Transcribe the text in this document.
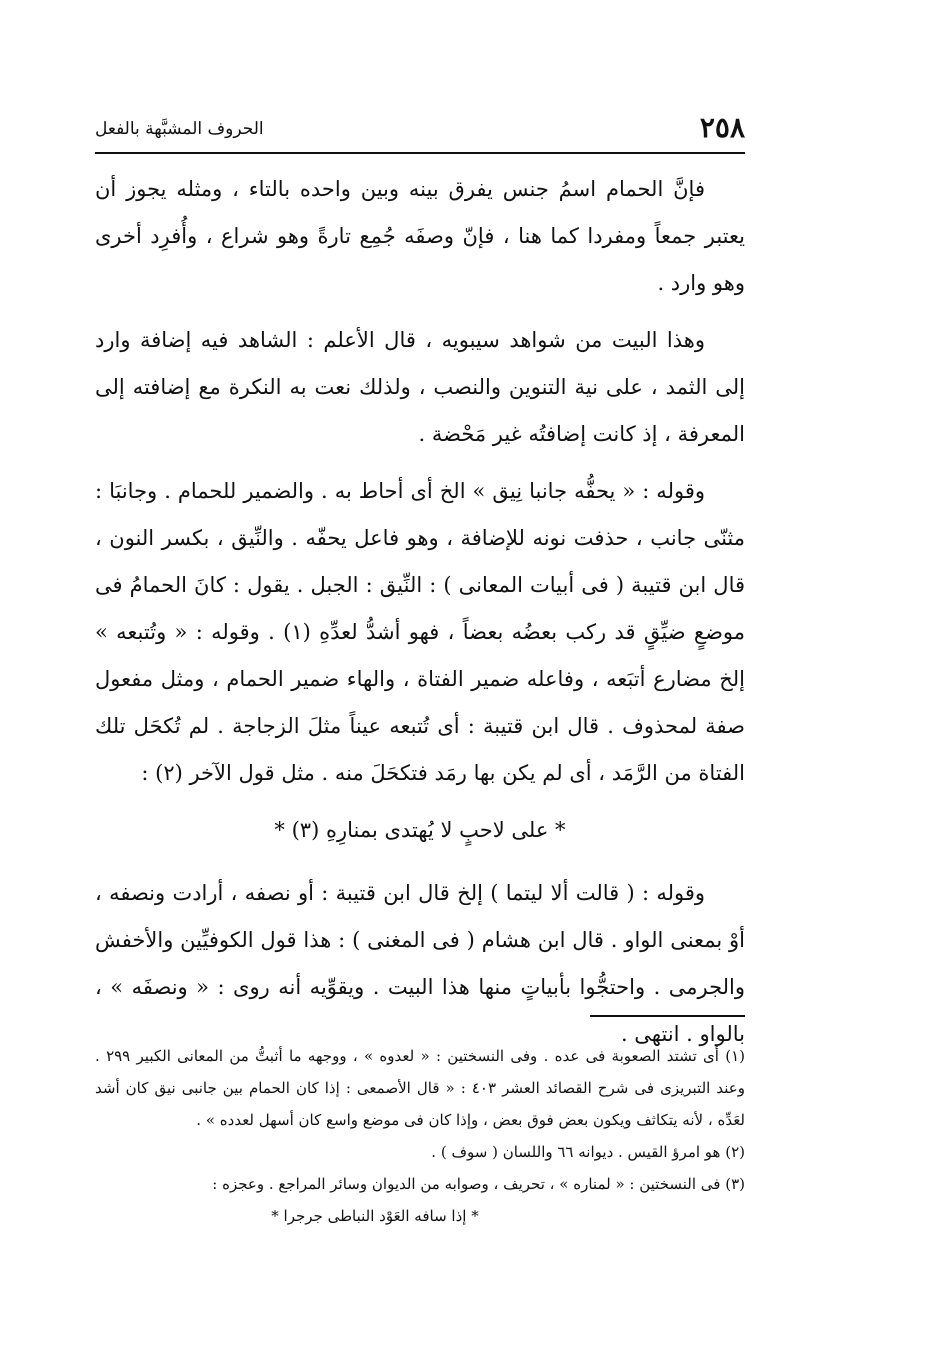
٢٥٨
الحروف المشبَّهة بالفعل

فإنَّ الحمام اسمُ جنس يفرق بينه وبين واحده بالتاء ، ومثله يجوز أن يعتبر جمعاً ومفردا كما هنا ، فإنّ وصفَه جُمِع تارةً وهو شراع ، وأُفرِد أخرى وهو وارد .

وهذا البيت من شواهد سيبويه ، قال الأعلم : الشاهد فيه إضافة وارد إلى الثمد ، على نية التنوين والنصب ، ولذلك نعت به النكرة مع إضافته إلى المعرفة ، إذ كانت إضافتُه غير مَحْضة .

وقوله : « يحفُّه جانبا نِيق » الخ أى أحاط به . والضمير للحمام . وجانبَا : مثنّى جانب ، حذفت نونه للإضافة ، وهو فاعل يحفّه . والنِّيق ، بكسر النون ، قال ابن قتيبة ( فى أبيات المعانى ) : النِّيق : الجبل . يقول : كانَ الحمامُ فى موضعٍ ضيِّقٍ قد ركب بعضُه بعضاً ، فهو أشدُّ لعدِّهِ (١) . وقوله : « وتُتبعه » إلخ مضارع أتبَعه ، وفاعله ضمير الفتاة ، والهاء ضمير الحمام ، ومثل مفعول صفة لمحذوف . قال ابن قتيبة : أى تُتبعه عيناً مثلَ الزجاجة . لم تُكحَل تلك الفتاة من الرَّمَد ، أى لم يكن بها رمَد فتكحَلَ منه . مثل قول الآخر (٢) :

* على لاحبٍ لا يُهتدى بمنارِهِ (٣) *

وقوله : ( قالت ألا ليتما ) إلخ قال ابن قتيبة : أو نصفه ، أرادت ونصفه ، أوْ بمعنى الواو . قال ابن هشام ( فى المغنى ) : هذا قول الكوفيِّين والأخفش والجرمى . واحتجُّوا بأبياتٍ منها هذا البيت . ويقوِّيه أنه روى : « ونصفَه » ، بالواو . انتهى .

(١) أى تشتد الصعوبة فى عده . وفى النسختين : « لعدوه » ، ووجهه ما أثبتُّ من المعانى الكبير ٢٩٩ . وعند التبريزى فى شرح القصائد العشر ٤٠٣ : « قال الأصمعى : إذا كان الحمام بين جانبى نيق كان أشد لعَدِّه ، لأنه يتكاثف ويكون بعض فوق بعض ، وإذا كان فى موضع واسع كان أسهل لعدده » .

(٢) هو امرؤ القيس . ديوانه ٦٦ واللسان ( سوف ) .

(٣) فى النسختين : « لمناره » ، تحريف ، وصوابه من الديوان وسائر المراجع . وعجزه :

* إذا سافه العَوْد النباطى جرجرا *
